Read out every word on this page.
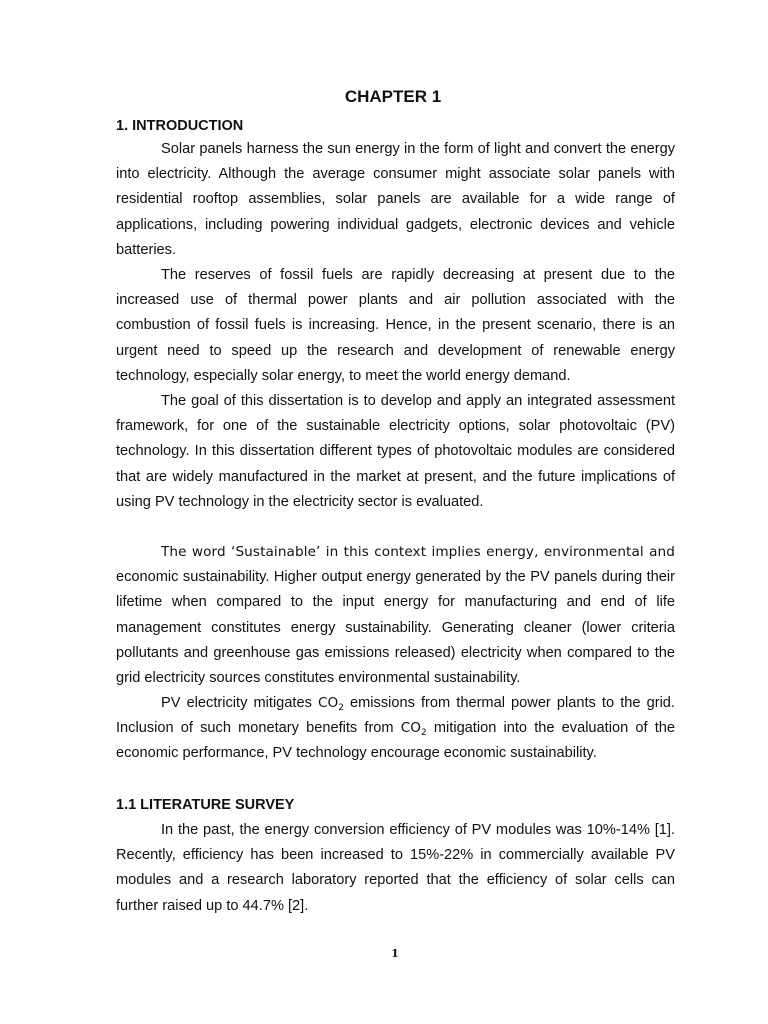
CHAPTER 1
1. INTRODUCTION

Solar panels harness the sun energy in the form of light and convert the energy into electricity. Although the average consumer might associate solar panels with residential rooftop assemblies, solar panels are available for a wide range of applications, including powering individual gadgets, electronic devices and vehicle batteries.

The reserves of fossil fuels are rapidly decreasing at present due to the increased use of thermal power plants and air pollution associated with the combustion of fossil fuels is increasing. Hence, in the present scenario, there is an urgent need to speed up the research and development of renewable energy technology, especially solar energy, to meet the world energy demand.

The goal of this dissertation is to develop and apply an integrated assessment framework, for one of the sustainable electricity options, solar photovoltaic (PV) technology. In this dissertation different types of photovoltaic modules are considered that are widely manufactured in the market at present, and the future implications of using PV technology in the electricity sector is evaluated.

The word ‘Sustainable’ in this context implies energy, environmental and economic sustainability. Higher output energy generated by the PV panels during their lifetime when compared to the input energy for manufacturing and end of life management constitutes energy sustainability. Generating cleaner (lower criteria pollutants and greenhouse gas emissions released) electricity when compared to the grid electricity sources constitutes environmental sustainability.

PV electricity mitigates $CO_2$ emissions from thermal power plants to the grid. Inclusion of such monetary benefits from $CO_2$ mitigation into the evaluation of the economic performance, PV technology encourage economic sustainability.

1.1 LITERATURE SURVEY

In the past, the energy conversion efficiency of PV modules was 10%-14% [1]. Recently, efficiency has been increased to 15%-22% in commercially available PV modules and a research laboratory reported that the efficiency of solar cells can further raised up to 44.7% [2].

1
